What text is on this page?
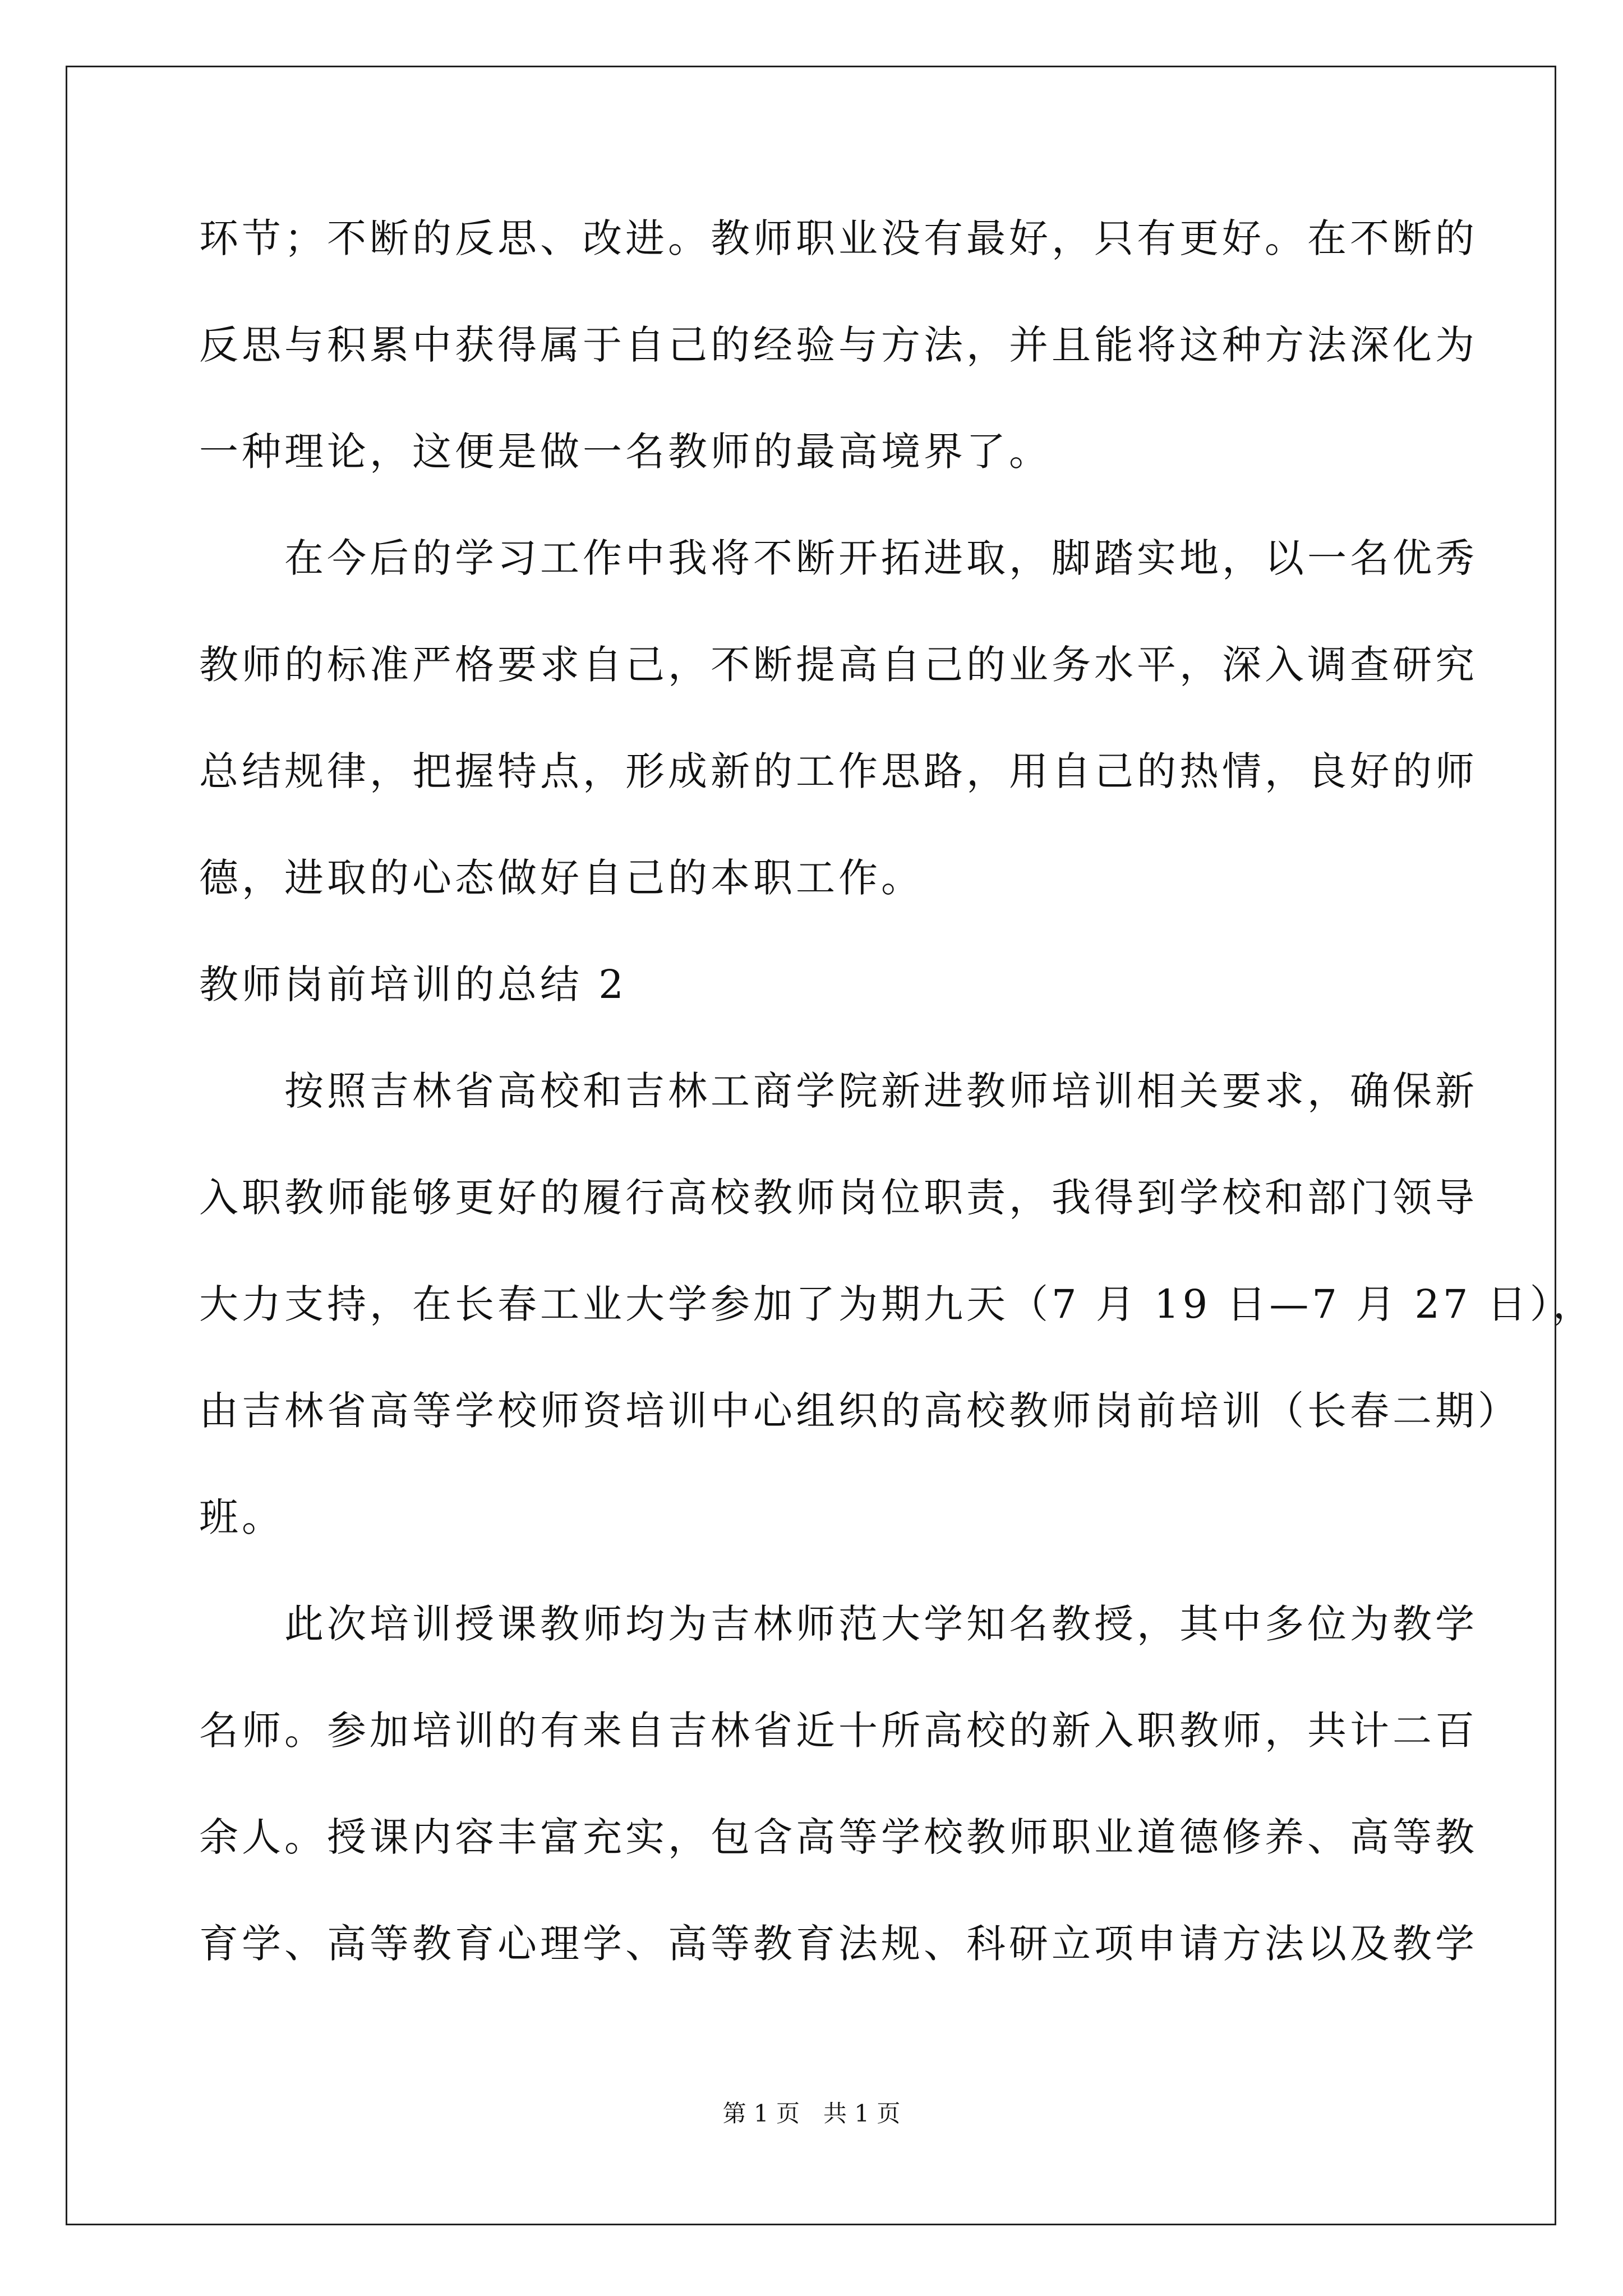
环节；不断的反思、改进。教师职业没有最好，只有更好。在不断的
反思与积累中获得属于自己的经验与方法，并且能将这种方法深化为
一种理论，这便是做一名教师的最高境界了。
　　在今后的学习工作中我将不断开拓进取，脚踏实地，以一名优秀
教师的标准严格要求自己，不断提高自己的业务水平，深入调查研究
总结规律，把握特点，形成新的工作思路，用自己的热情，良好的师
德，进取的心态做好自己的本职工作。
教师岗前培训的总结 2
　　按照吉林省高校和吉林工商学院新进教师培训相关要求，确保新
入职教师能够更好的履行高校教师岗位职责，我得到学校和部门领导
大力支持，在长春工业大学参加了为期九天（7 月 19 日—7 月 27 日），
由吉林省高等学校师资培训中心组织的高校教师岗前培训（长春二期）
班。
　　此次培训授课教师均为吉林师范大学知名教授，其中多位为教学
名师。参加培训的有来自吉林省近十所高校的新入职教师，共计二百
余人。授课内容丰富充实，包含高等学校教师职业道德修养、高等教
育学、高等教育心理学、高等教育法规、科研立项申请方法以及教学
第 1 页　共 1 页
